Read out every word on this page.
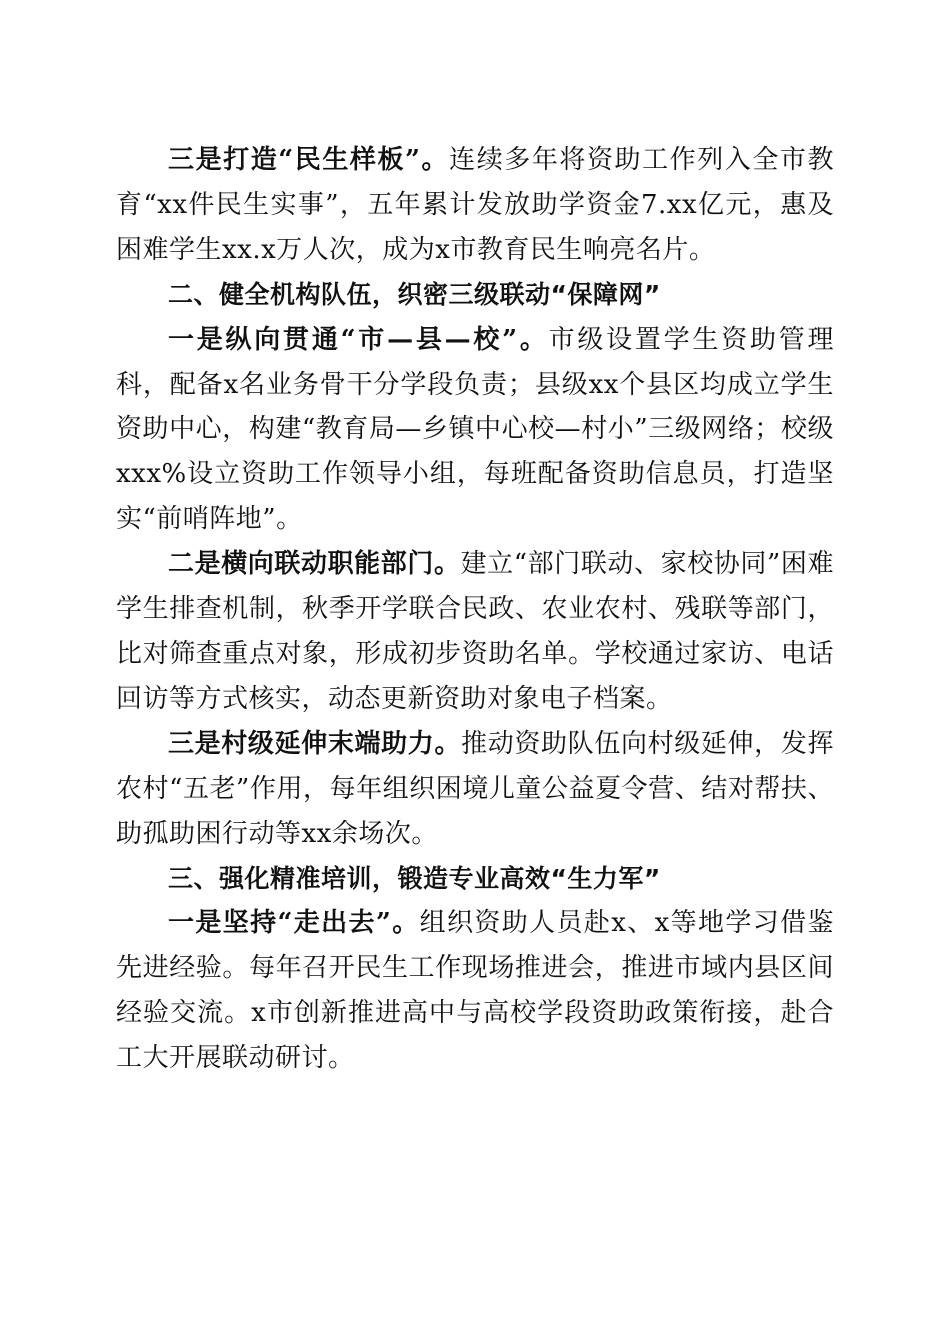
三是打造“民生样板”。连续多年将资助工作列入全市教育“xx件民生实事”，五年累计发放助学资金7.xx亿元，惠及困难学生xx.x万人次，成为x市教育民生响亮名片。

二、健全机构队伍，织密三级联动“保障网”

一是纵向贯通“市—县—校”。市级设置学生资助管理科，配备x名业务骨干分学段负责；县级xx个县区均成立学生资助中心，构建“教育局—乡镇中心校—村小”三级网络；校级xxx%设立资助工作领导小组，每班配备资助信息员，打造坚实“前哨阵地”。

二是横向联动职能部门。建立“部门联动、家校协同”困难学生排查机制，秋季开学联合民政、农业农村、残联等部门，比对筛查重点对象，形成初步资助名单。学校通过家访、电话回访等方式核实，动态更新资助对象电子档案。

三是村级延伸末端助力。推动资助队伍向村级延伸，发挥农村“五老”作用，每年组织困境儿童公益夏令营、结对帮扶、助孤助困行动等xx余场次。

三、强化精准培训，锻造专业高效“生力军”

一是坚持“走出去”。组织资助人员赴x、x等地学习借鉴先进经验。每年召开民生工作现场推进会，推进市域内县区间经验交流。x市创新推进高中与高校学段资助政策衔接，赴合工大开展联动研讨。
